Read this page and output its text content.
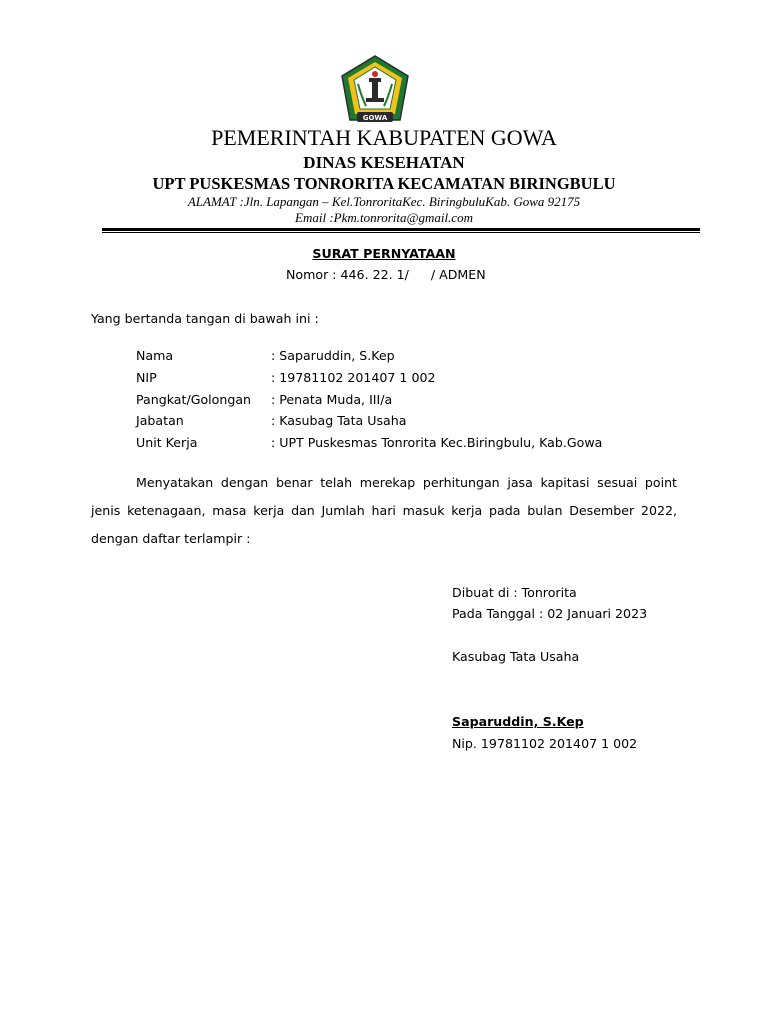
GOWA
PEMERINTAH KABUPATEN GOWA
DINAS KESEHATAN
UPT PUSKESMAS TONRORITA KECAMATAN BIRINGBULU
ALAMAT :Jln. Lapangan – Kel.TonroritaKec. BiringbuluKab. Gowa 92175
Email :Pkm.tonrorita@gmail.com
SURAT PERNYATAAN
Nomor : 446. 22. 1/ / ADMEN
Yang bertanda tangan di bawah ini :
Nama	: Saparuddin, S.Kep
NIP	: 19781102 201407 1 002
Pangkat/Golongan : Penata Muda, III/a
Jabatan	: Kasubag Tata Usaha
Unit Kerja	: UPT Puskesmas Tonrorita Kec.Biringbulu, Kab.Gowa
Menyatakan dengan benar telah merekap perhitungan jasa kapitasi sesuai point jenis ketenagaan, masa kerja dan Jumlah hari masuk kerja pada bulan Desember 2022, dengan daftar terlampir :
Dibuat di : Tonrorita
Pada Tanggal : 02 Januari 2023
Kasubag Tata Usaha
Saparuddin, S.Kep
Nip. 19781102 201407 1 002
